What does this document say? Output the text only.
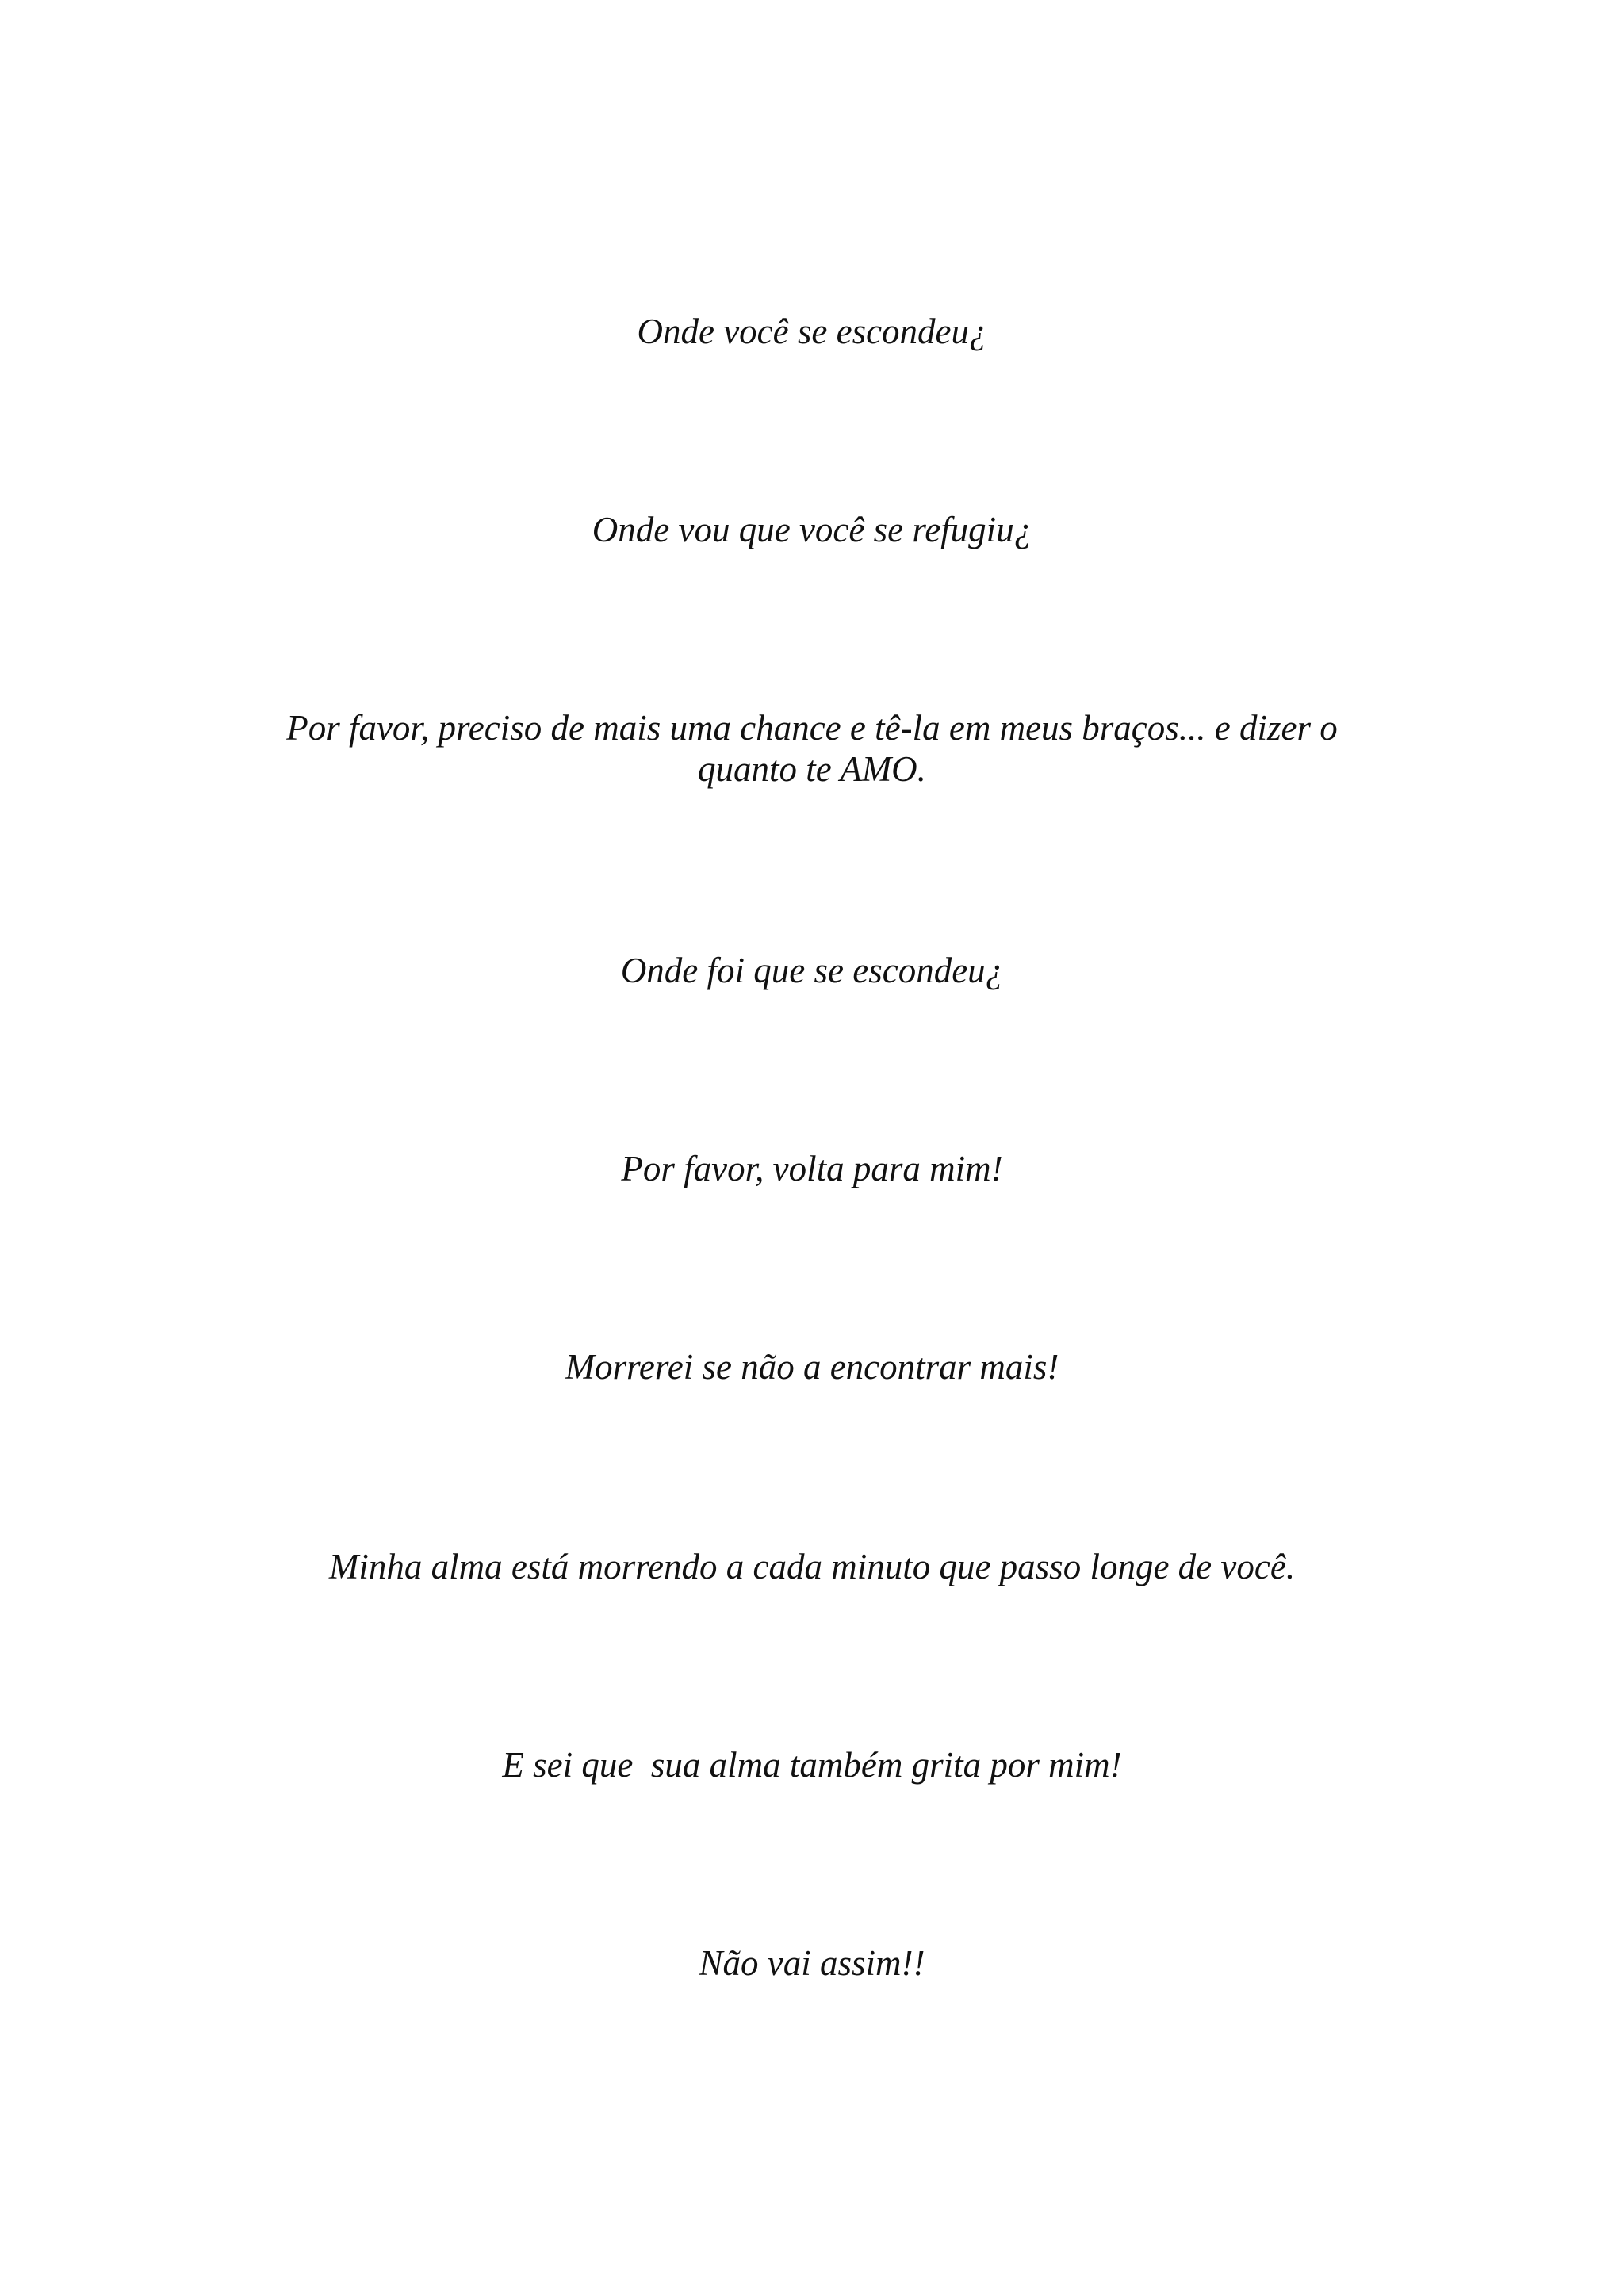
Onde você se escondeu¿
Onde vou que você se refugiu¿
Por favor, preciso de mais uma chance e tê-la em meus braços... e dizer o
quanto te AMO.
Onde foi que se escondeu¿
Por favor, volta para mim!
Morrerei se não a encontrar mais!
Minha alma está morrendo a cada minuto que passo longe de você.
E sei que  sua alma também grita por mim!
Não vai assim!!
